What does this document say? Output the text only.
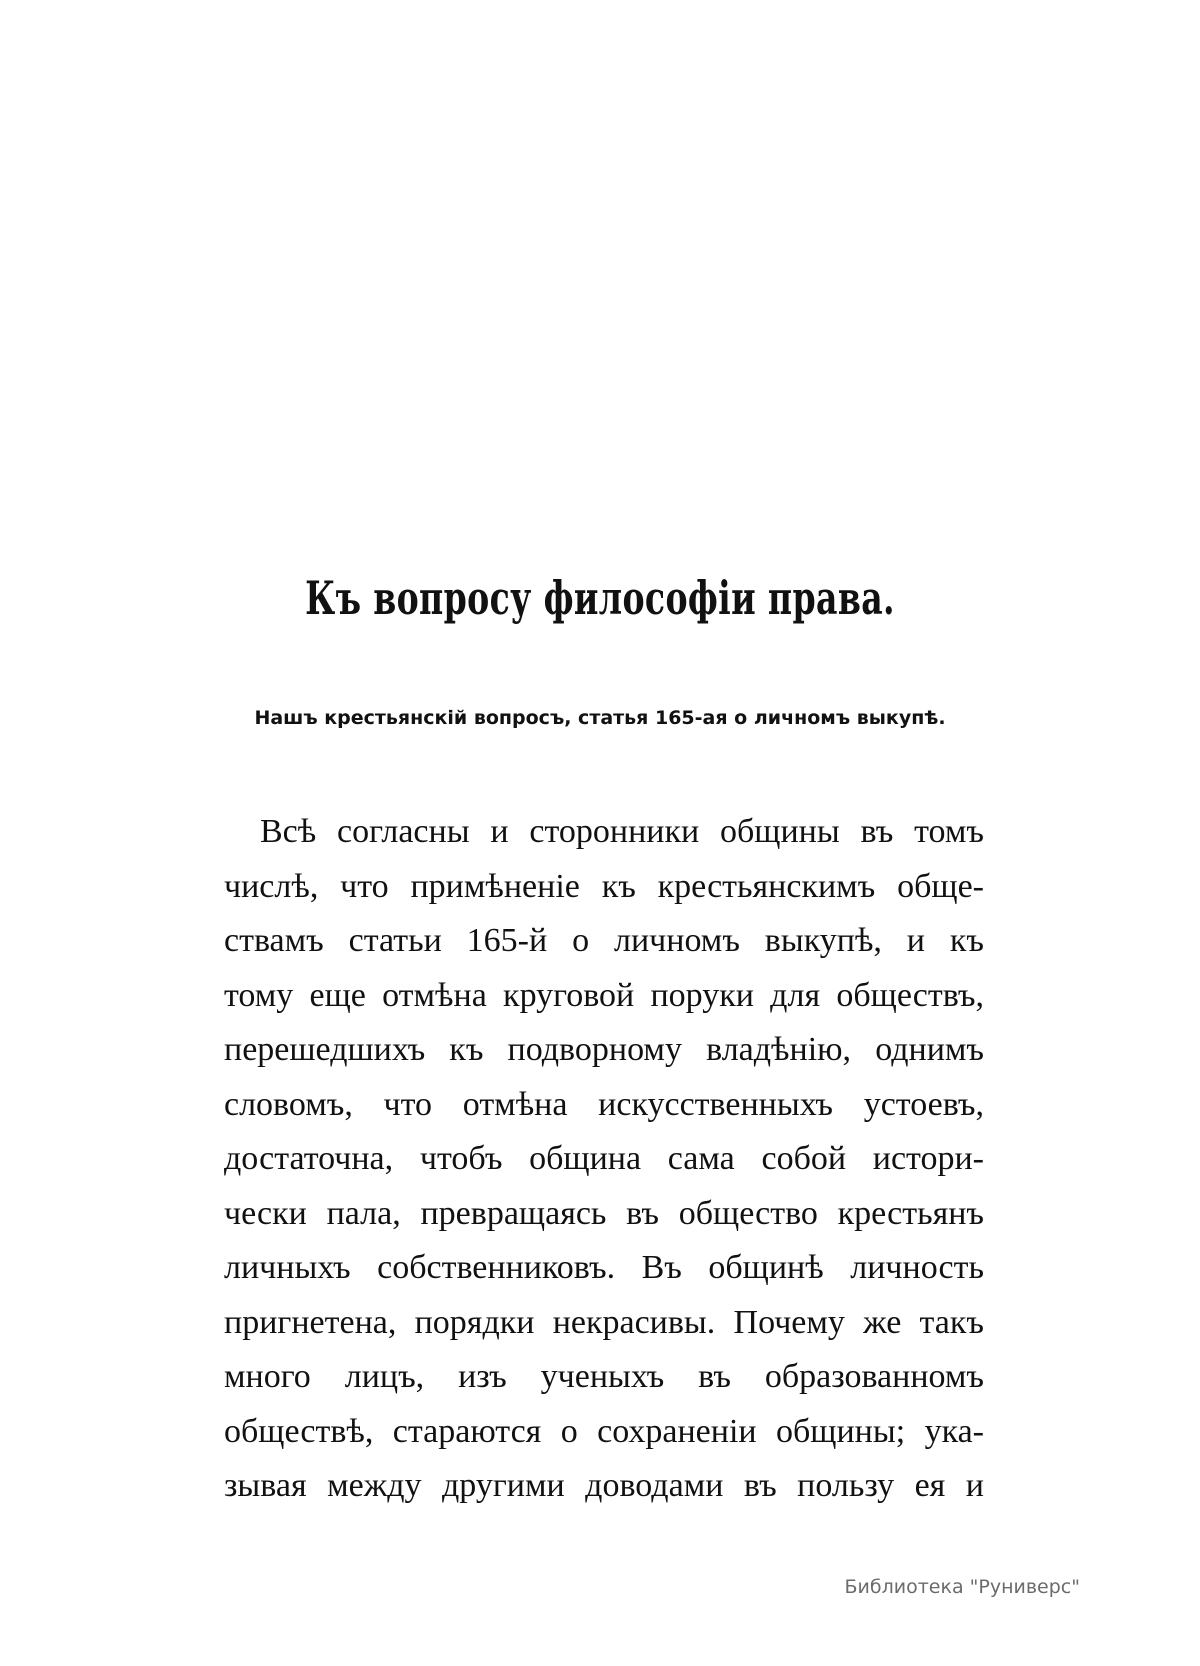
Къ вопросу философіи права.

Нашъ крестьянскій вопросъ, статья 165-ая о личномъ выкупѣ.

Всѣ согласны и сторонники общины въ томъ
числѣ, что примѣненіе къ крестьянскимъ обще-
ствамъ статьи 165-й о личномъ выкупѣ, и къ
тому еще отмѣна круговой поруки для обществъ,
перешедшихъ къ подворному владѣнію, однимъ
словомъ, что отмѣна искусственныхъ устоевъ,
достаточна, чтобъ община сама собой истори-
чески пала, превращаясь въ общество крестьянъ
личныхъ собственниковъ. Въ общинѣ личность
пригнетена, порядки некрасивы. Почему же такъ
много лицъ, изъ ученыхъ въ образованномъ
обществѣ, стараются о сохраненіи общины; ука-
зывая между другими доводами въ пользу ея и

Библиотека "Руниверс"
